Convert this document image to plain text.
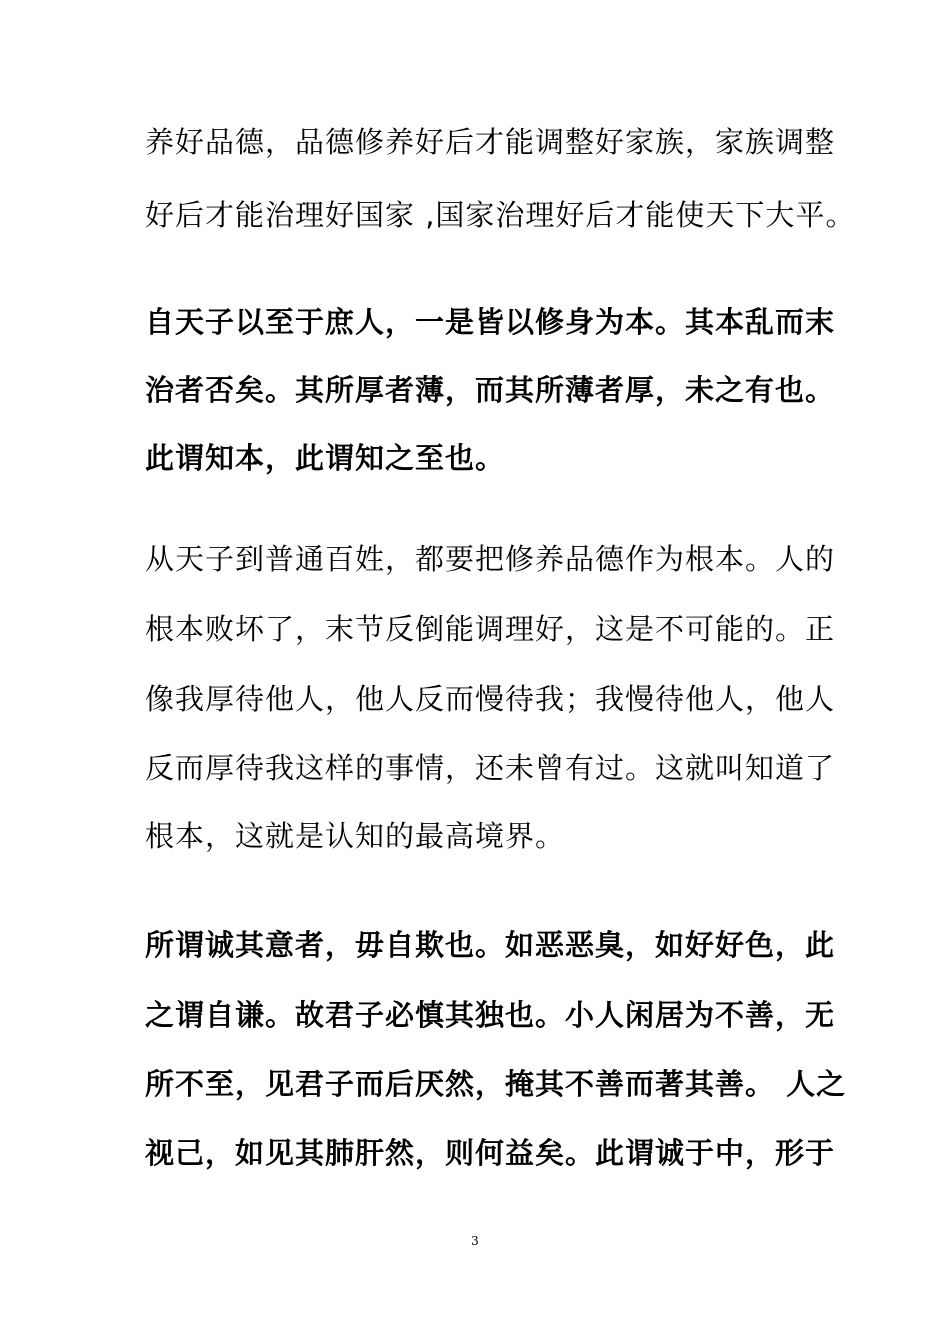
养好品德，品德修养好后才能调整好家族，家族调整
好后才能治理好国家 ,国家治理好后才能使天下大平。
自天子以至于庶人，一是皆以修身为本。其本乱而末
治者否矣。其所厚者薄，而其所薄者厚，未之有也。
此谓知本，此谓知之至也。
从天子到普通百姓，都要把修养品德作为根本。人的
根本败坏了，末节反倒能调理好，这是不可能的。正
像我厚待他人，他人反而慢待我；我慢待他人，他人
反而厚待我这样的事情，还未曾有过。这就叫知道了
根本，这就是认知的最高境界。
所谓诚其意者，毋自欺也。如恶恶臭，如好好色，此
之谓自谦。故君子必慎其独也。小人闲居为不善，无
所不至，见君子而后厌然，掩其不善而著其善。 人之
视己，如见其肺肝然，则何益矣。此谓诚于中，形于
3
